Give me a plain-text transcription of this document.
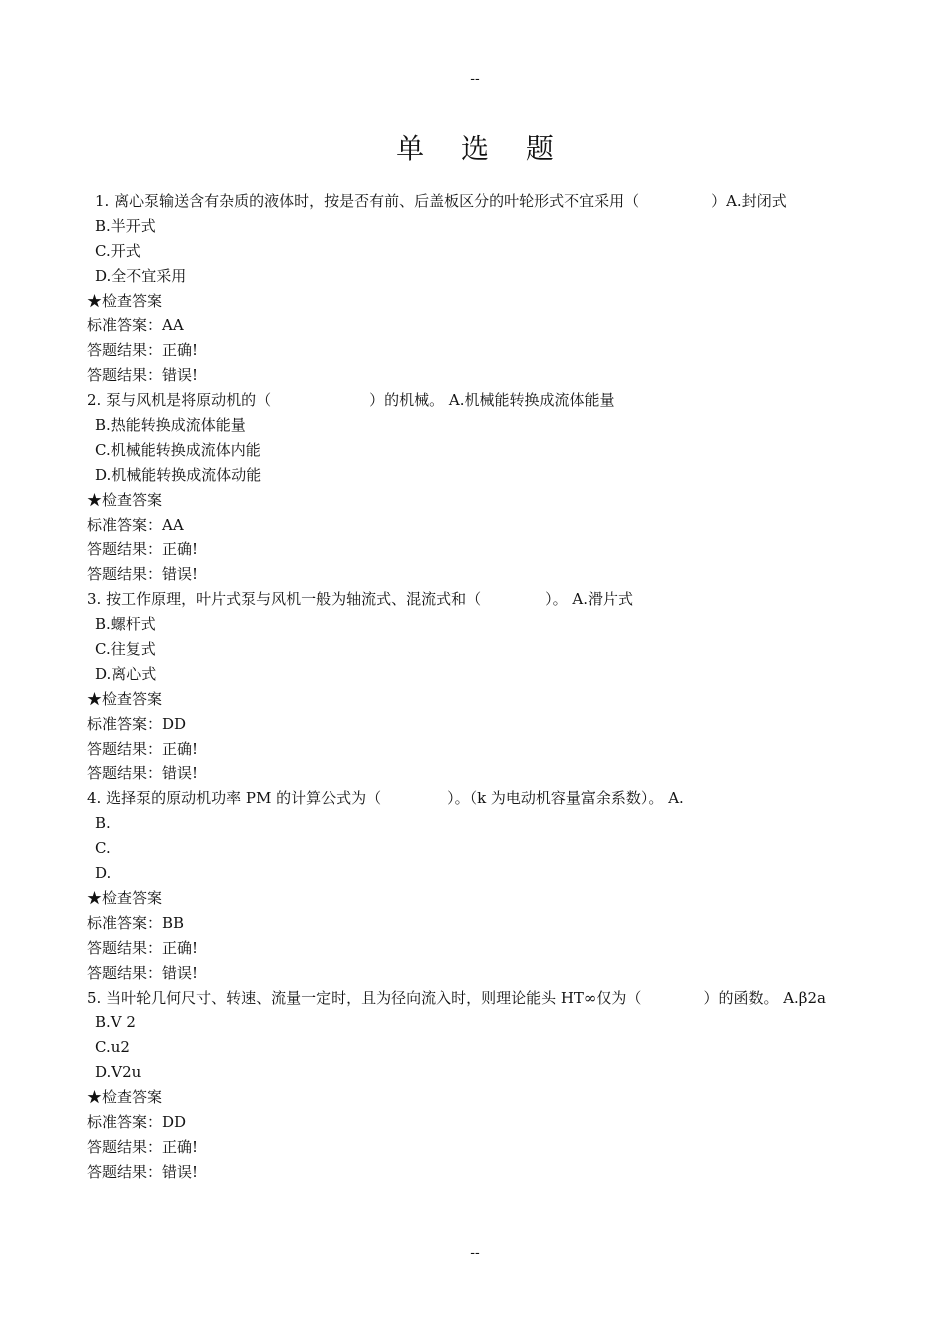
--
单 选 题
1. 离心泵输送含有杂质的液体时，按是否有前、后盖板区分的叶轮形式不宜采用（	）A.封闭式
B.半开式
C.开式
D.全不宜采用
★检查答案
标准答案：AA
答题结果：正确!
答题结果：错误!
2. 泵与风机是将原动机的（	）的机械。 A.机械能转换成流体能量
B.热能转换成流体能量
C.机械能转换成流体内能
D.机械能转换成流体动能
★检查答案
标准答案：AA
答题结果：正确!
答题结果：错误!
3. 按工作原理，叶片式泵与风机一般为轴流式、混流式和（	）。 A.滑片式
B.螺杆式
C.往复式
D.离心式
★检查答案
标准答案：DD
答题结果：正确!
答题结果：错误!
4. 选择泵的原动机功率 PM 的计算公式为（	）。（k 为电动机容量富余系数）。 A.
B.
C.
D.
★检查答案
标准答案：BB
答题结果：正确!
答题结果：错误!
5. 当叶轮几何尺寸、转速、流量一定时，且为径向流入时，则理论能头 HT∞仅为（	）的函数。 A.β2a
B.V 2
C.u2
D.V2u
★检查答案
标准答案：DD
答题结果：正确!
答题结果：错误!
--
